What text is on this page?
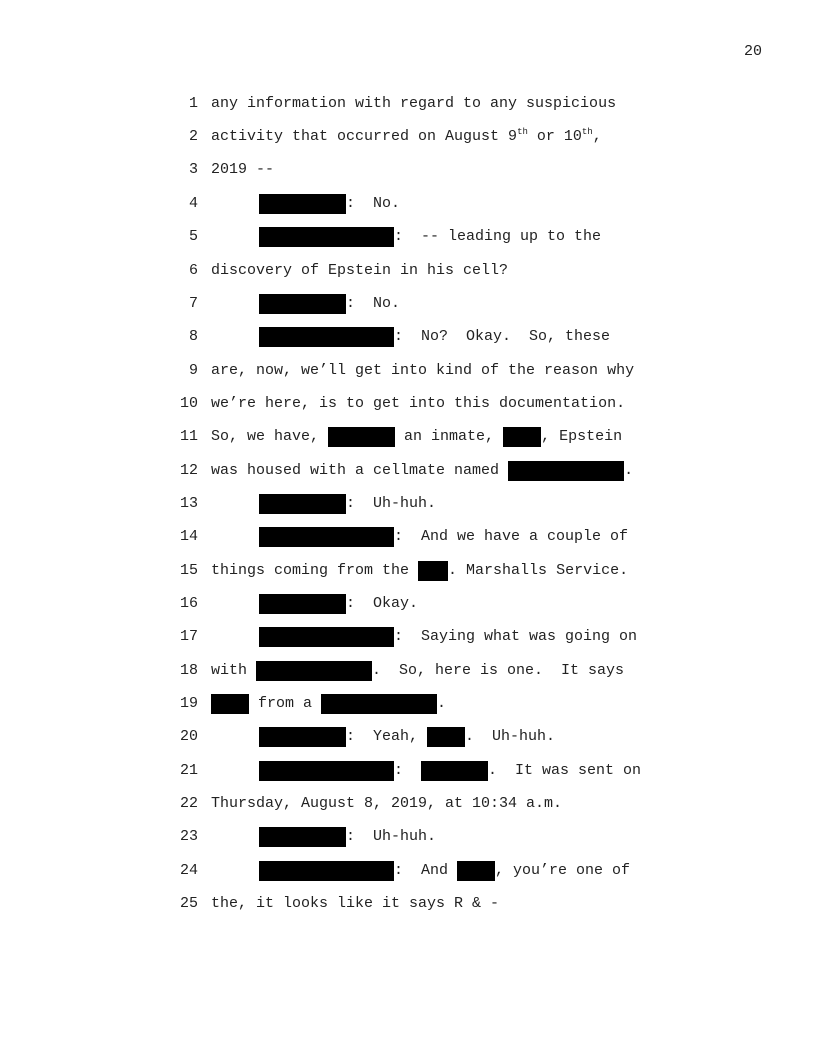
20
1 any information with regard to any suspicious
2 activity that occurred on August 9th or 10th,
3 2019 --
4	:  No.
5	:  -- leading up to the
6 discovery of Epstein in his cell?
7	:  No.
8	:  No?  Okay.  So, these
9 are, now, we’ll get into kind of the reason why
10 we’re here, is to get into this documentation.
11 So, we have,	an inmate,	, Epstein
12 was housed with a cellmate named	.
13	:  Uh-huh.
14	:  And we have a couple of
15 things coming from the . Marshalls Service.
16	:  Okay.
17	:  Saying what was going on
18 with	.  So, here is one.  It says
19	from a	.
20	:  Yeah,	.  Uh-huh.
21	:	.  It was sent on
22 Thursday, August 8, 2019, at 10:34 a.m.
23	:  Uh-huh.
24	:  And	, you’re one of
25 the, it looks like it says R & -
